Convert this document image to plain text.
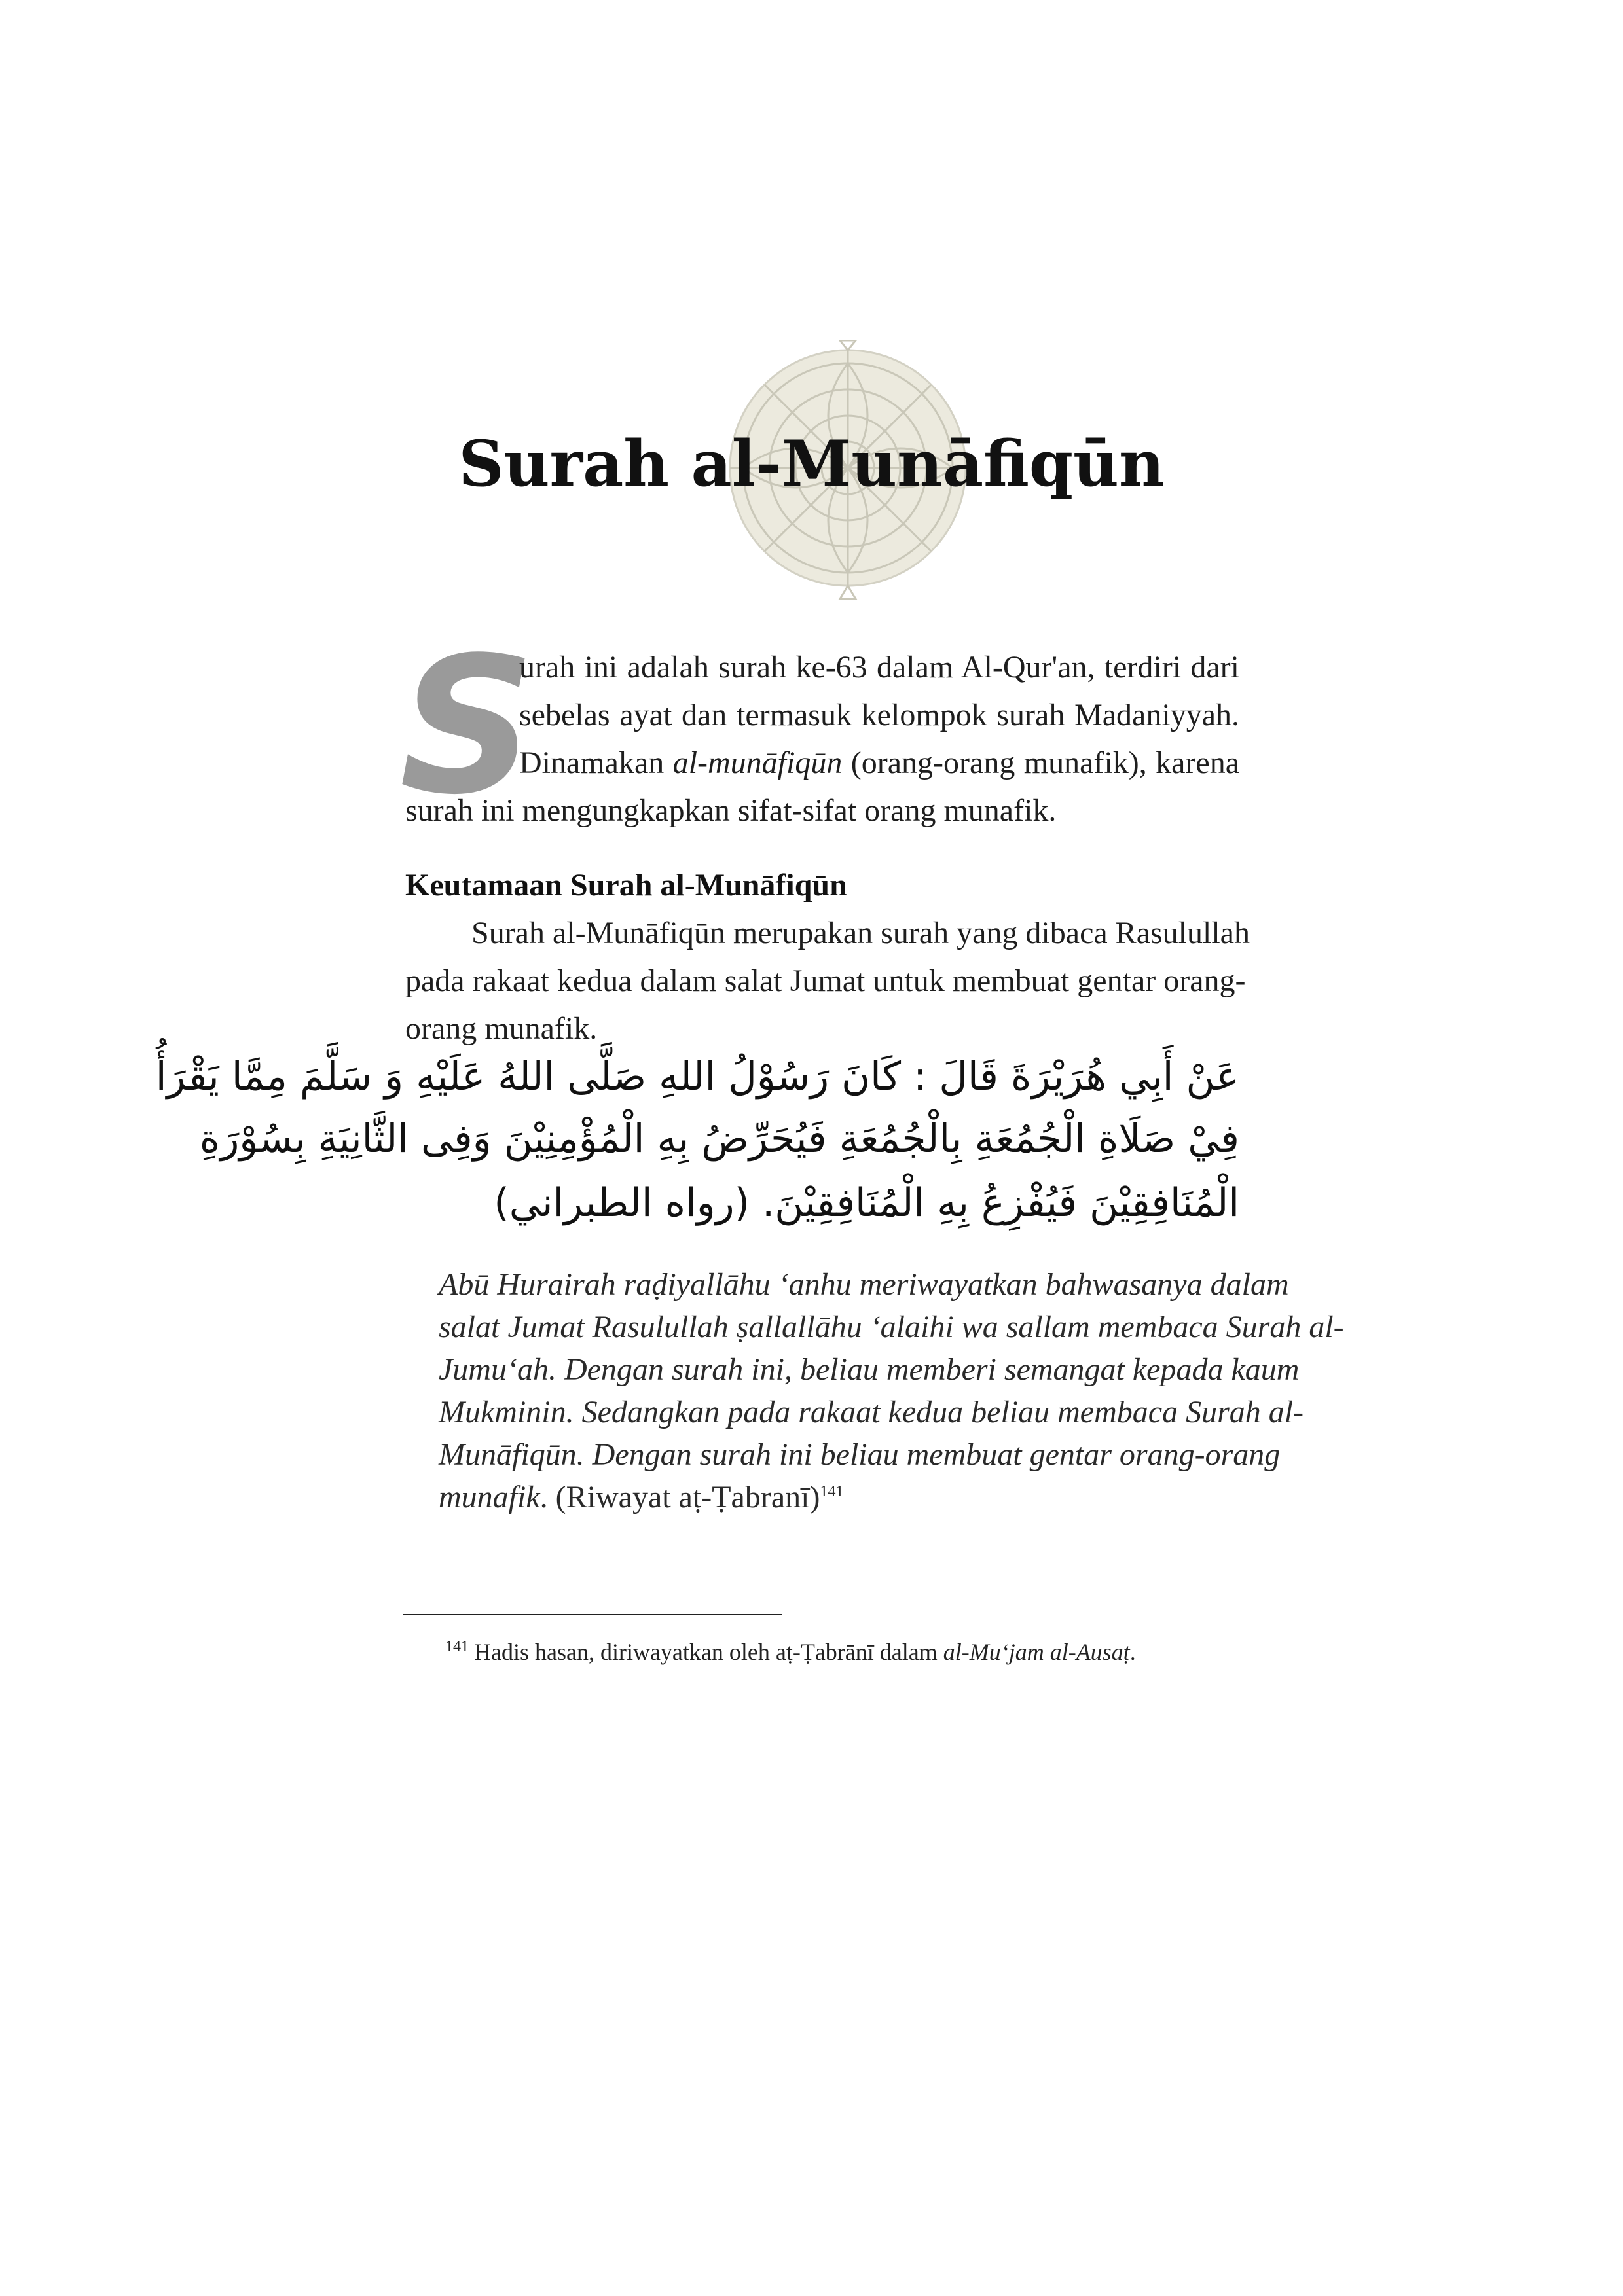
Surah al-Munāfiqūn
S
urah ini adalah surah ke-63 dalam Al-Qur'an, terdiri dari
sebelas ayat dan termasuk kelompok surah Madaniyyah.
Dinamakan al-munāfiqūn (orang-orang munafik), karena
surah ini mengungkapkan sifat-sifat orang munafik.
Keutamaan Surah al-Munāfiqūn
Surah al-Munāfiqūn merupakan surah yang dibaca Rasulullah
pada rakaat kedua dalam salat Jumat untuk membuat gentar orang-
orang munafik.
عَنْ أَبِي هُرَيْرَةَ قَالَ : كَانَ رَسُوْلُ اللهِ صَلَّى اللهُ عَلَيْهِ وَ سَلَّمَ مِمَّا يَقْرَأُ
فِيْ صَلَاةِ الْجُمُعَةِ بِالْجُمُعَةِ فَيُحَرِّضُ بِهِ الْمُؤْمِنِيْنَ وَفِى الثَّانِيَةِ بِسُوْرَةِ
الْمُنَافِقِيْنَ فَيُفْزِعُ بِهِ الْمُنَافِقِيْنَ. (رواه الطبراني)
Abū Hurairah raḍiyallāhu ‘anhu meriwayatkan bahwasanya dalam
salat Jumat Rasulullah ṣallallāhu ‘alaihi wa sallam membaca Surah al-
Jumu‘ah. Dengan surah ini, beliau memberi semangat kepada kaum
Mukminin. Sedangkan pada rakaat kedua beliau membaca Surah al-
Munāfiqūn. Dengan surah ini beliau membuat gentar orang-orang
munafik. (Riwayat aṭ-Ṭabranī)$^{141}$
$^{141}$ Hadis hasan, diriwayatkan oleh aṭ-Ṭabrānī dalam al-Mu‘jam al-Ausaṭ.
